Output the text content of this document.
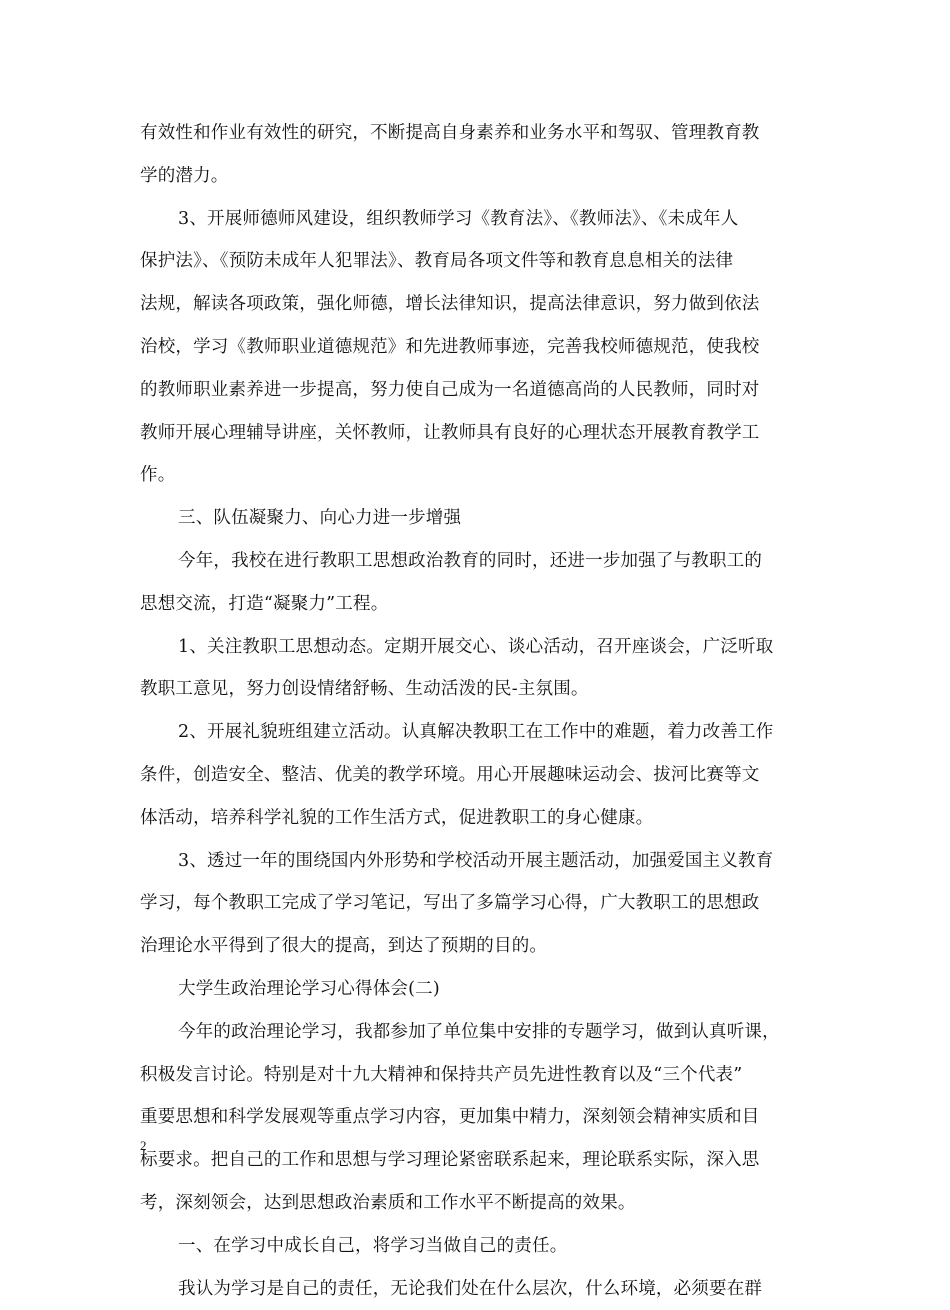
有效性和作业有效性的研究，不断提高自身素养和业务水平和驾驭、管理教育教
学的潜力。
3、开展师德师风建设，组织教师学习《教育法》、《教师法》、《未成年人
保护法》、《预防未成年人犯罪法》、教育局各项文件等和教育息息相关的法律
法规，解读各项政策，强化师德，增长法律知识，提高法律意识，努力做到依法
治校，学习《教师职业道德规范》和先进教师事迹，完善我校师德规范，使我校
的教师职业素养进一步提高，努力使自己成为一名道德高尚的人民教师，同时对
教师开展心理辅导讲座，关怀教师，让教师具有良好的心理状态开展教育教学工
作。
三、队伍凝聚力、向心力进一步增强
今年，我校在进行教职工思想政治教育的同时，还进一步加强了与教职工的
思想交流，打造“凝聚力”工程。
1、关注教职工思想动态。定期开展交心、谈心活动，召开座谈会，广泛听取
教职工意见，努力创设情绪舒畅、生动活泼的民-主氛围。
2、开展礼貌班组建立活动。认真解决教职工在工作中的难题，着力改善工作
条件，创造安全、整洁、优美的教学环境。用心开展趣味运动会、拔河比赛等文
体活动，培养科学礼貌的工作生活方式，促进教职工的身心健康。
3、透过一年的围绕国内外形势和学校活动开展主题活动，加强爱国主义教育
学习，每个教职工完成了学习笔记，写出了多篇学习心得，广大教职工的思想政
治理论水平得到了很大的提高，到达了预期的目的。
大学生政治理论学习心得体会(二)
今年的政治理论学习，我都参加了单位集中安排的专题学习，做到认真听课，
积极发言讨论。特别是对十九大精神和保持共产员先进性教育以及“三个代表”
重要思想和科学发展观等重点学习内容，更加集中精力，深刻领会精神实质和目
标要求。把自己的工作和思想与学习理论紧密联系起来，理论联系实际，深入思
考，深刻领会，达到思想政治素质和工作水平不断提高的效果。
一、在学习中成长自己，将学习当做自己的责任。
我认为学习是自己的责任，无论我们处在什么层次，什么环境，必须要在群
2
